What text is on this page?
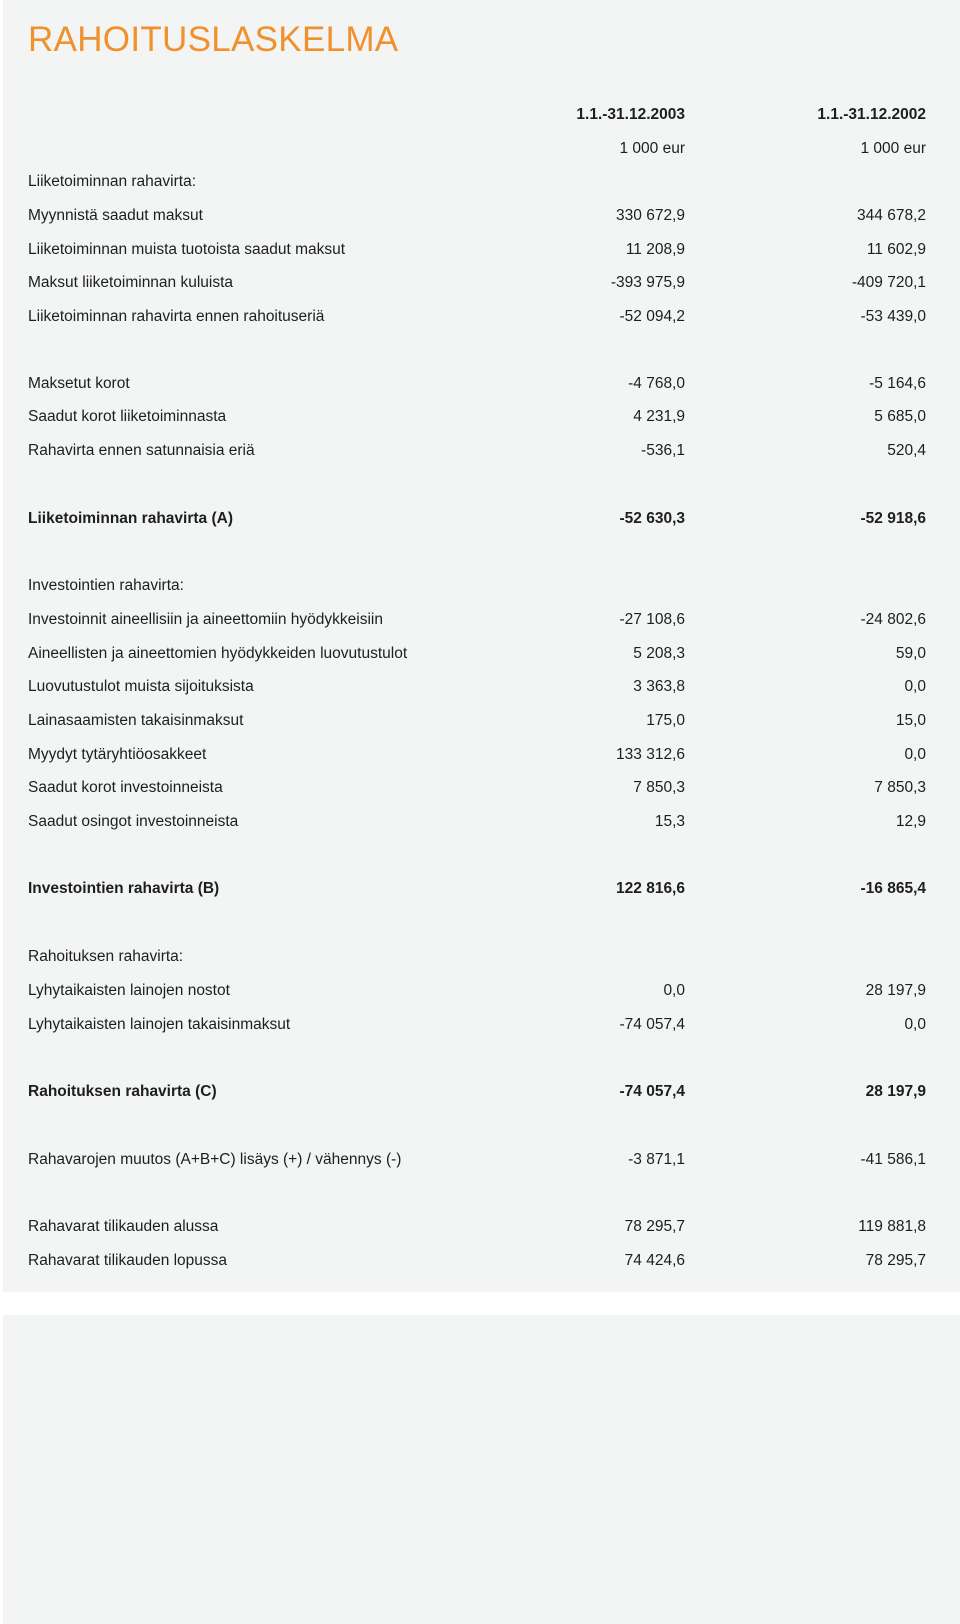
RAHOITUSLASKELMA
1.1.-31.12.2003	1.1.-31.12.2002
1 000 eur	1 000 eur
Liiketoiminnan rahavirta:
Myynnistä saadut maksut	330 672,9	344 678,2
Liiketoiminnan muista tuotoista saadut maksut	11 208,9	11 602,9
Maksut liiketoiminnan kuluista	-393 975,9	-409 720,1
Liiketoiminnan rahavirta ennen rahoituseriä	-52 094,2	-53 439,0
Maksetut korot	-4 768,0	-5 164,6
Saadut korot liiketoiminnasta	4 231,9	5 685,0
Rahavirta ennen satunnaisia eriä	-536,1	520,4
Liiketoiminnan rahavirta (A)	-52 630,3	-52 918,6
Investointien rahavirta:
Investoinnit aineellisiin ja aineettomiin hyödykkeisiin	-27 108,6	-24 802,6
Aineellisten ja aineettomien hyödykkeiden luovutustulot	5 208,3	59,0
Luovutustulot muista sijoituksista	3 363,8	0,0
Lainasaamisten takaisinmaksut	175,0	15,0
Myydyt tytäryhtiöosakkeet	133 312,6	0,0
Saadut korot investoinneista	7 850,3	7 850,3
Saadut osingot investoinneista	15,3	12,9
Investointien rahavirta (B)	122 816,6	-16 865,4
Rahoituksen rahavirta:
Lyhytaikaisten lainojen nostot	0,0	28 197,9
Lyhytaikaisten lainojen takaisinmaksut	-74 057,4	0,0
Rahoituksen rahavirta (C)	-74 057,4	28 197,9
Rahavarojen muutos (A+B+C) lisäys (+) / vähennys (-)	-3 871,1	-41 586,1
Rahavarat tilikauden alussa	78 295,7	119 881,8
Rahavarat tilikauden lopussa	74 424,6	78 295,7
